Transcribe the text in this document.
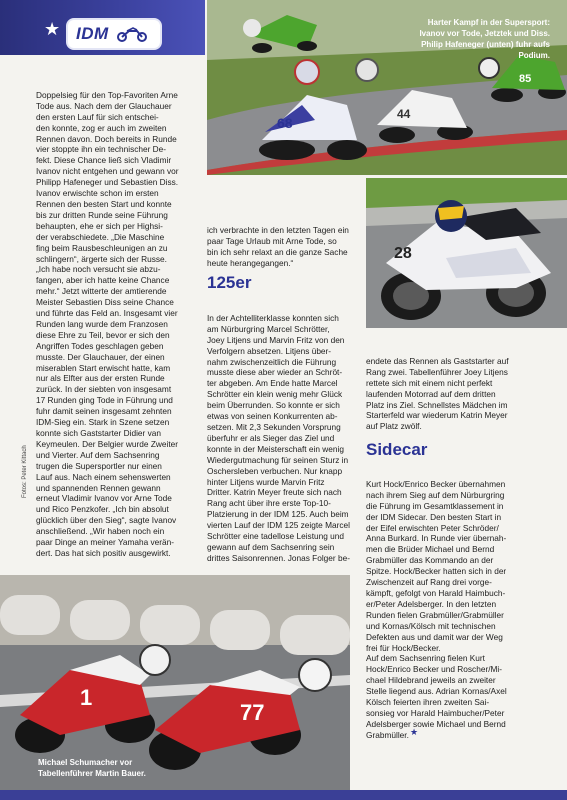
★ IDM
68
44
85
Harter Kampf in der Supersport:
Ivanov vor Tode, Jetztek und Diss.
Philip Hafeneger (unten) fuhr aufs
Podium.
28

Doppelsieg für den Top-Favoriten Arne
Tode aus. Nach dem der Glauchauer
den ersten Lauf für sich entschei-
den konnte, zog er auch im zweiten
Rennen davon. Doch bereits in Runde
vier stoppte ihn ein technischer De-
fekt. Diese Chance ließ sich Vladimir
Ivanov nicht entgehen und gewann vor
Philipp Hafeneger und Sebastien Diss.
Ivanov erwischte schon im ersten
Rennen den besten Start und konnte
bis zur dritten Runde seine Führung
behaupten, ehe er sich per Highsi-
der verabschiedete. „Die Maschine
fing beim Rausbeschleunigen an zu
schlingern“, ärgerte sich der Russe.
„Ich habe noch versucht sie abzu-
fangen, aber ich hatte keine Chance
mehr.“ Jetzt witterte der amtierende
Meister Sebastien Diss seine Chance
und führte das Feld an. Insgesamt vier
Runden lang wurde dem Franzosen
diese Ehre zu Teil, bevor er sich den
Angriffen Todes geschlagen geben
musste. Der Glauchauer, der einen
miserablen Start erwischt hatte, kam
nur als Elfter aus der ersten Runde
zurück. In der siebten von insgesamt
17 Runden ging Tode in Führung und
fuhr damit seinen insgesamt zehnten
IDM-Sieg ein. Stark in Szene setzen
konnte sich Gaststarter Didier van
Keymeulen. Der Belgier wurde Zweiter
und Vierter. Auf dem Sachsenring
trugen die Supersportler nur einen
Lauf aus. Nach einem sehenswerten
und spannenden Rennen gewann
erneut Vladimir Ivanov vor Arne Tode
und Rico Penzkofer. „Ich bin absolut
glücklich über den Sieg“, sagte Ivanov
anschließend. „Wir haben noch ein
paar Dinge an meiner Yamaha verän-
dert. Das hat sich positiv ausgewirkt.

Fotos: Peter Kittach

ich verbrachte in den letzten Tagen ein
paar Tage Urlaub mit Arne Tode, so
bin ich sehr relaxt an die ganze Sache
heute herangegangen.“

125er

In der Achtelliterklasse konnten sich
am Nürburgring Marcel Schrötter,
Joey Litjens und Marvin Fritz von den
Verfolgern absetzen. Litjens über-
nahm zwischenzeitlich die Führung
musste diese aber wieder an Schröt-
ter abgeben. Am Ende hatte Marcel
Schrötter ein klein wenig mehr Glück
beim Überrunden. So konnte er sich
etwas von seinen Konkurrenten ab-
setzen. Mit 2,3 Sekunden Vorsprung
überfuhr er als Sieger das Ziel und
konnte in der Meisterschaft ein wenig
Wiedergutmachung für seinen Sturz in
Oschersleben verbuchen. Nur knapp
hinter Litjens wurde Marvin Fritz
Dritter. Katrin Meyer freute sich nach
Rang acht über ihre erste Top-10-
Platzierung in der IDM 125. Auch beim
vierten Lauf der IDM 125 zeigte Marcel
Schrötter eine tadellose Leistung und
gewann auf dem Sachsenring sein
drittes Saisonrennen. Jonas Folger be-

endete das Rennen als Gaststarter auf
Rang zwei. Tabellenführer Joey Litjens
rettete sich mit einem nicht perfekt
laufenden Motorrad auf dem dritten
Platz ins Ziel. Schnellstes Mädchen im
Starterfeld war wiederum Katrin Meyer
auf Platz zwölf.

Sidecar

Kurt Hock/Enrico Becker übernahmen
nach ihrem Sieg auf dem Nürburgring
die Führung im Gesamtklassement in
der IDM Sidecar. Den besten Start in
der Eifel erwischten Peter Schröder/
Anna Burkard. In Runde vier übernah-
men die Brüder Michael und Bernd
Grabmüller das Kommando an der
Spitze. Hock/Becker hatten sich in der
Zwischenzeit auf Rang drei vorge-
kämpft, gefolgt von Harald Haimbuch-
er/Peter Adelsberger. In den letzten
Runden fielen Grabmüller/Grabmüller
und Kornas/Kölsch mit technischen
Defekten aus und damit war der Weg
frei für Hock/Becker.
Auf dem Sachsenring fielen Kurt
Hock/Enrico Becker und Roscher/Mi-
chael Hildebrand jeweils an zweiter
Stelle liegend aus. Adrian Kornas/Axel
Kölsch feierten ihren zweiten Sai-
sonsieg vor Harald Haimbucher/Peter
Adelsberger sowie Michael und Bernd
Grabmüller. ★
1
77
Michael Schumacher vor
Tabellenführer Martin Bauer.
